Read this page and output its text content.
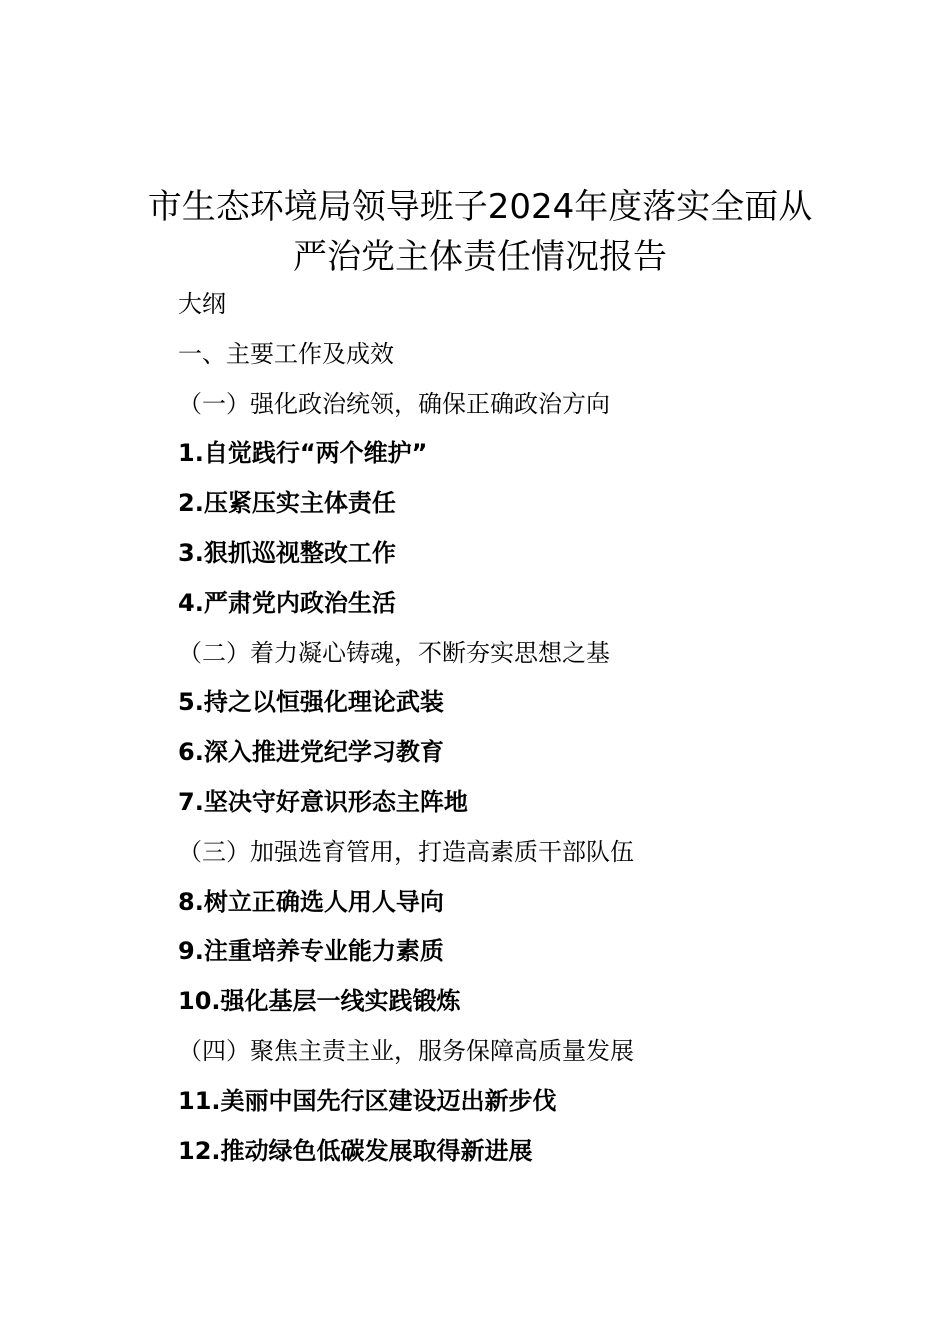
市生态环境局领导班子2024年度落实全面从
严治党主体责任情况报告
大纲
一、主要工作及成效
（一）强化政治统领，确保正确政治方向
1.自觉践行“两个维护”
2.压紧压实主体责任
3.狠抓巡视整改工作
4.严肃党内政治生活
（二）着力凝心铸魂，不断夯实思想之基
5.持之以恒强化理论武装
6.深入推进党纪学习教育
7.坚决守好意识形态主阵地
（三）加强选育管用，打造高素质干部队伍
8.树立正确选人用人导向
9.注重培养专业能力素质
10.强化基层一线实践锻炼
（四）聚焦主责主业，服务保障高质量发展
11.美丽中国先行区建设迈出新步伐
12.推动绿色低碳发展取得新进展
